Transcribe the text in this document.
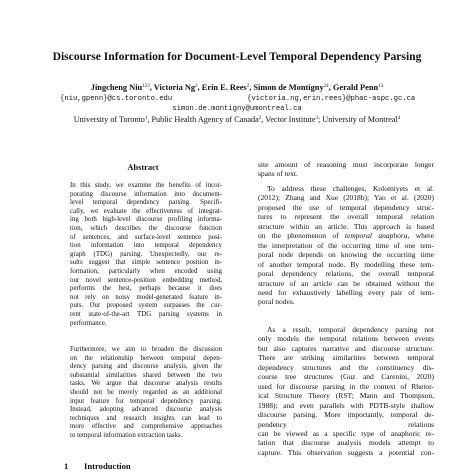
Discourse Information for Document-Level Temporal Dependency Parsing
Jingcheng Niu$^{123}$, Victoria Ng$^2$, Erin E. Rees$^2$, Simon de Montigny$^{24}$, Gerald Penn$^{13}$
{niu,gpenn}@cs.toronto.edu	{victoria.ng,erin.rees}@phac-aspc.gc.ca
simon.de.montigny@umontreal.ca
University of Toronto$^1$, Public Health Agency of Canada$^2$, Vector Institute$^3$; University of Montreal$^4$
Abstract
In this study, we examine the benefits of incor-
porating discourse information into document-
level temporal dependency parsing. Specifi-
cally, we evaluate the effectiveness of integrat-
ing both high-level discourse profiling informa-
tion, which describes the discourse function
of sentences, and surface-level sentence posi-
tion information into temporal dependency
graph (TDG) parsing. Unexpectedly, our re-
sults suggest that simple sentence position in-
formation, particularly when encoded using
our novel sentence-position embedding method,
performs the best, perhaps because it does
not rely on noisy model-generated feature in-
puts. Our proposed system surpasses the cur-
rent state-of-the-art TDG parsing systems in
performance.
Furthermore, we aim to broaden the discussion
on the relationship between temporal depen-
dency parsing and discourse analysis, given the
substantial similarities shared between the two
tasks. We argue that discourse analysis results
should not be merely regarded as an additional
input feature for temporal dependency parsing.
Instead, adopting advanced discourse analysis
techniques and research insights can lead to
more effective and comprehensive approaches
to temporal information extraction tasks.
1 Introduction
site amount of reasoning must incorporate longer
spans of text.
To address these challenges, Kolomiyets et al.
(2012); Zhang and Xue (2018b); Yao et al. (2020)
proposed the use of temporal dependency struc-
tures to represent the overall temporal relation
structure within an article. This approach is based
on the phenomenon of temporal anaphora, where
the interpretation of the occurring time of one tem-
poral node depends on knowing the occurring time
of another temporal node. By modelling these tem-
poral dependency relations, the overall temporal
structure of an article can be obtained without the
need for exhaustively labelling every pair of tem-
poral nodes.
As a result, temporal dependency parsing not
only models the temporal relations between events
but also captures narrative and discourse structure.
There are striking similarities between temporal
dependency structures and the constituency dis-
course tree structures (Guz and Carenini, 2020)
used for discourse parsing in the context of Rhetor-
ical Structure Theory (RST; Mann and Thompson,
1988); and even parallels with PDTB-style shallow
discourse parsing. More importantly, temporal de-
pendency relations
can be viewed as a specific type of anaphoric re-
lation that discourse analysis models attempt to
capture. This observation suggests a potential con-
